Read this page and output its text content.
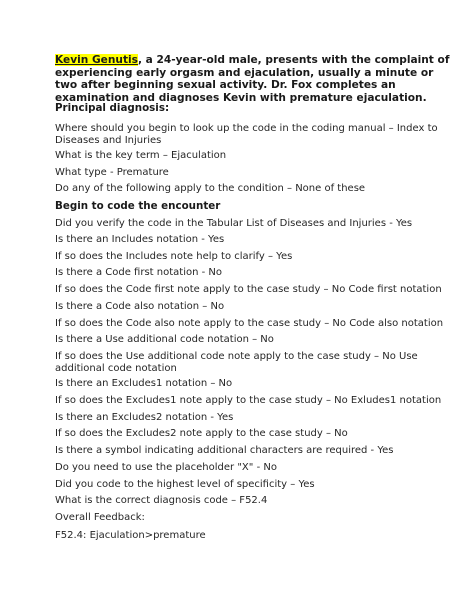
Kevin Genutis, a 24-year-old male, presents with the complaint of experiencing early orgasm and ejaculation, usually a minute or two after beginning sexual activity. Dr. Fox completes an examination and diagnoses Kevin with premature ejaculation.
Principal diagnosis:
Where should you begin to look up the code in the coding manual – Index to Diseases and Injuries
What is the key term – Ejaculation
What type - Premature
Do any of the following apply to the condition – None of these
Begin to code the encounter
Did you verify the code in the Tabular List of Diseases and Injuries - Yes
Is there an Includes notation - Yes
If so does the Includes note help to clarify – Yes
Is there a Code first notation - No
If so does the Code first note apply to the case study – No Code first notation
Is there a Code also notation – No
If so does the Code also note apply to the case study – No Code also notation
Is there a Use additional code notation – No
If so does the Use additional code note apply to the case study – No Use additional code notation
Is there an Excludes1 notation – No
If so does the Excludes1 note apply to the case study – No Exludes1 notation
Is there an Excludes2 notation - Yes
If so does the Excludes2 note apply to the case study – No
Is there a symbol indicating additional characters are required - Yes
Do you need to use the placeholder "X" - No
Did you code to the highest level of specificity – Yes
What is the correct diagnosis code – F52.4
Overall Feedback:
F52.4: Ejaculation>premature
